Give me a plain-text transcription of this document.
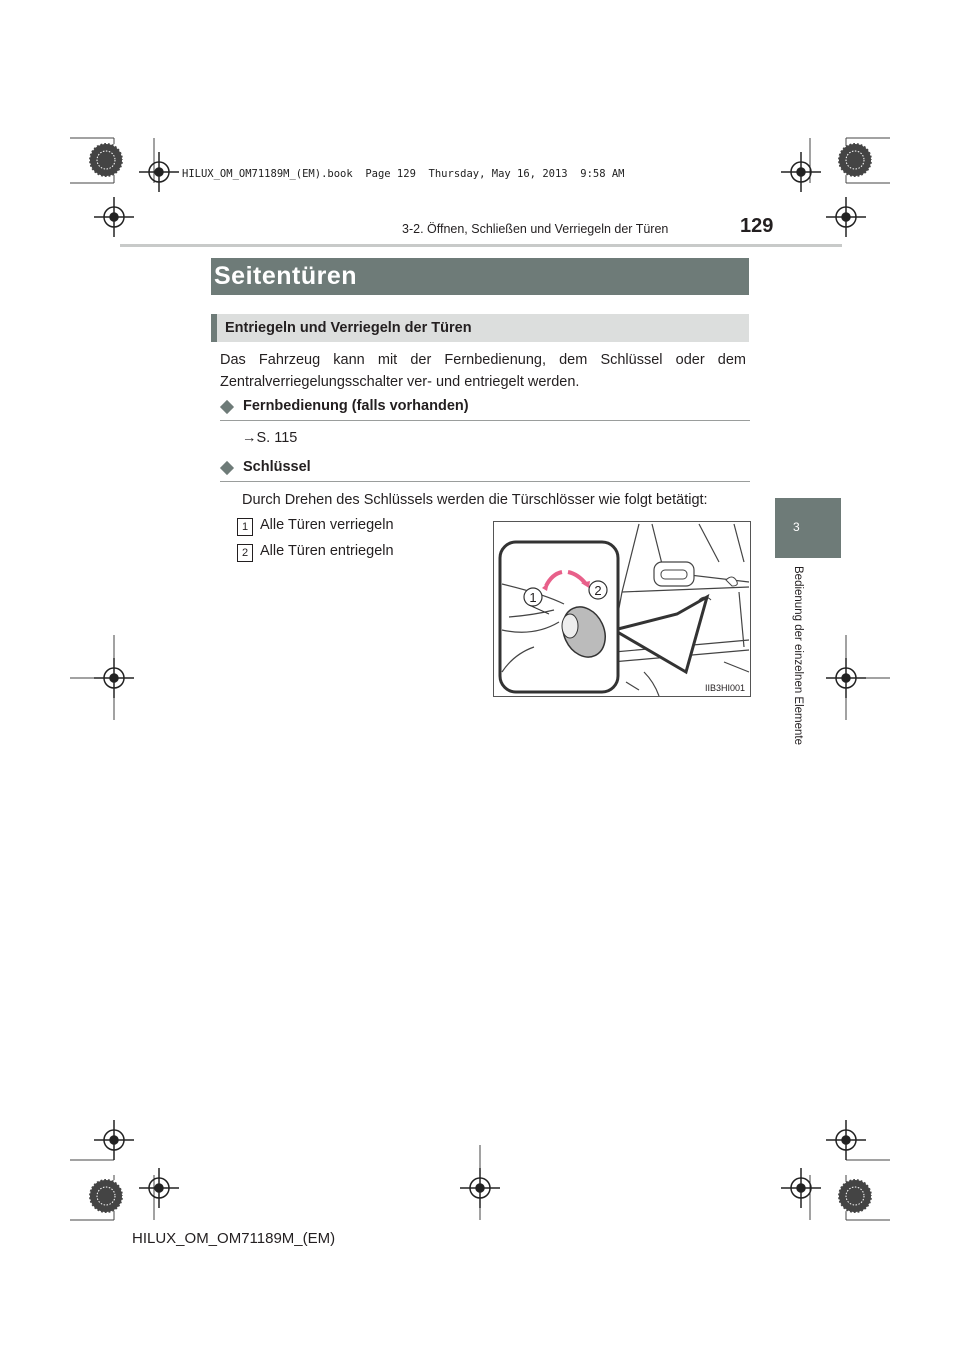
HILUX_OM_OM71189M_(EM).book  Page 129  Thursday, May 16, 2013  9:58 AM
3-2. Öffnen, Schließen und Verriegeln der Türen	129
3
Bedienung der einzelnen Elemente
Seitentüren
Entriegeln und Verriegeln der Türen
Das Fahrzeug kann mit der Fernbedienung, dem Schlüssel oder dem Zentralverriegelungsschalter ver- und entriegelt werden.
Fernbedienung (falls vorhanden)
→S. 115
Schlüssel
Durch Drehen des Schlüssels werden die Türschlösser wie folgt betätigt:
1 Alle Türen verriegeln
2 Alle Türen entriegeln
1	2
IIB3HI001
HILUX_OM_OM71189M_(EM)
